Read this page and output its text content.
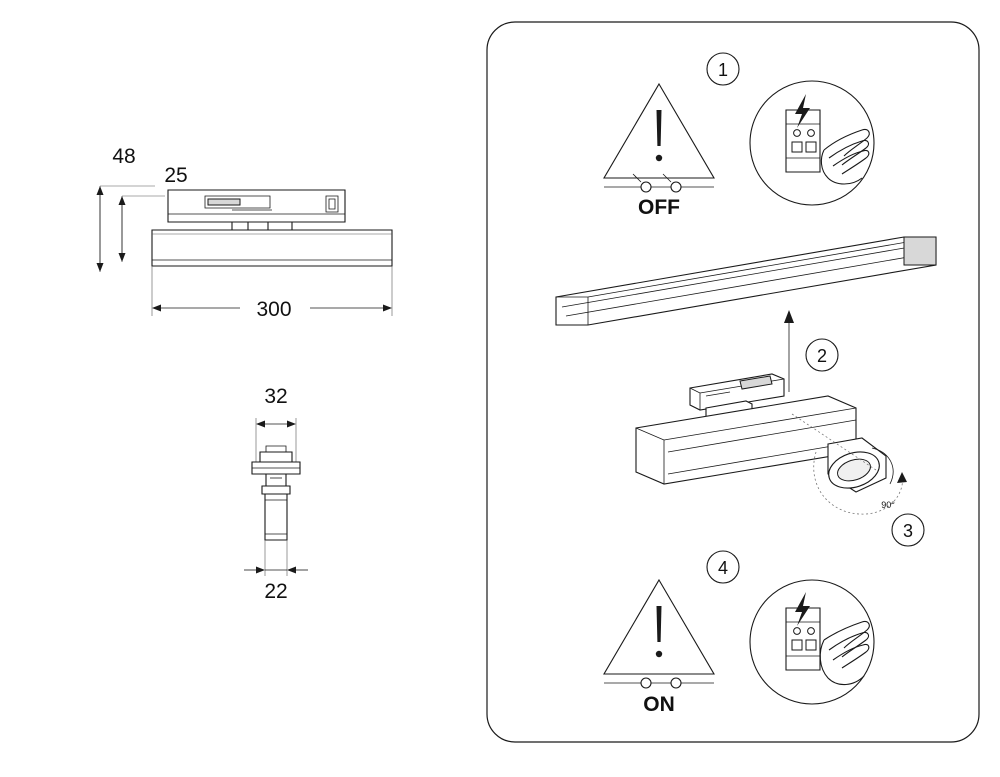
48
25
300
32
22
1
OFF
2
90°
3
4
ON
